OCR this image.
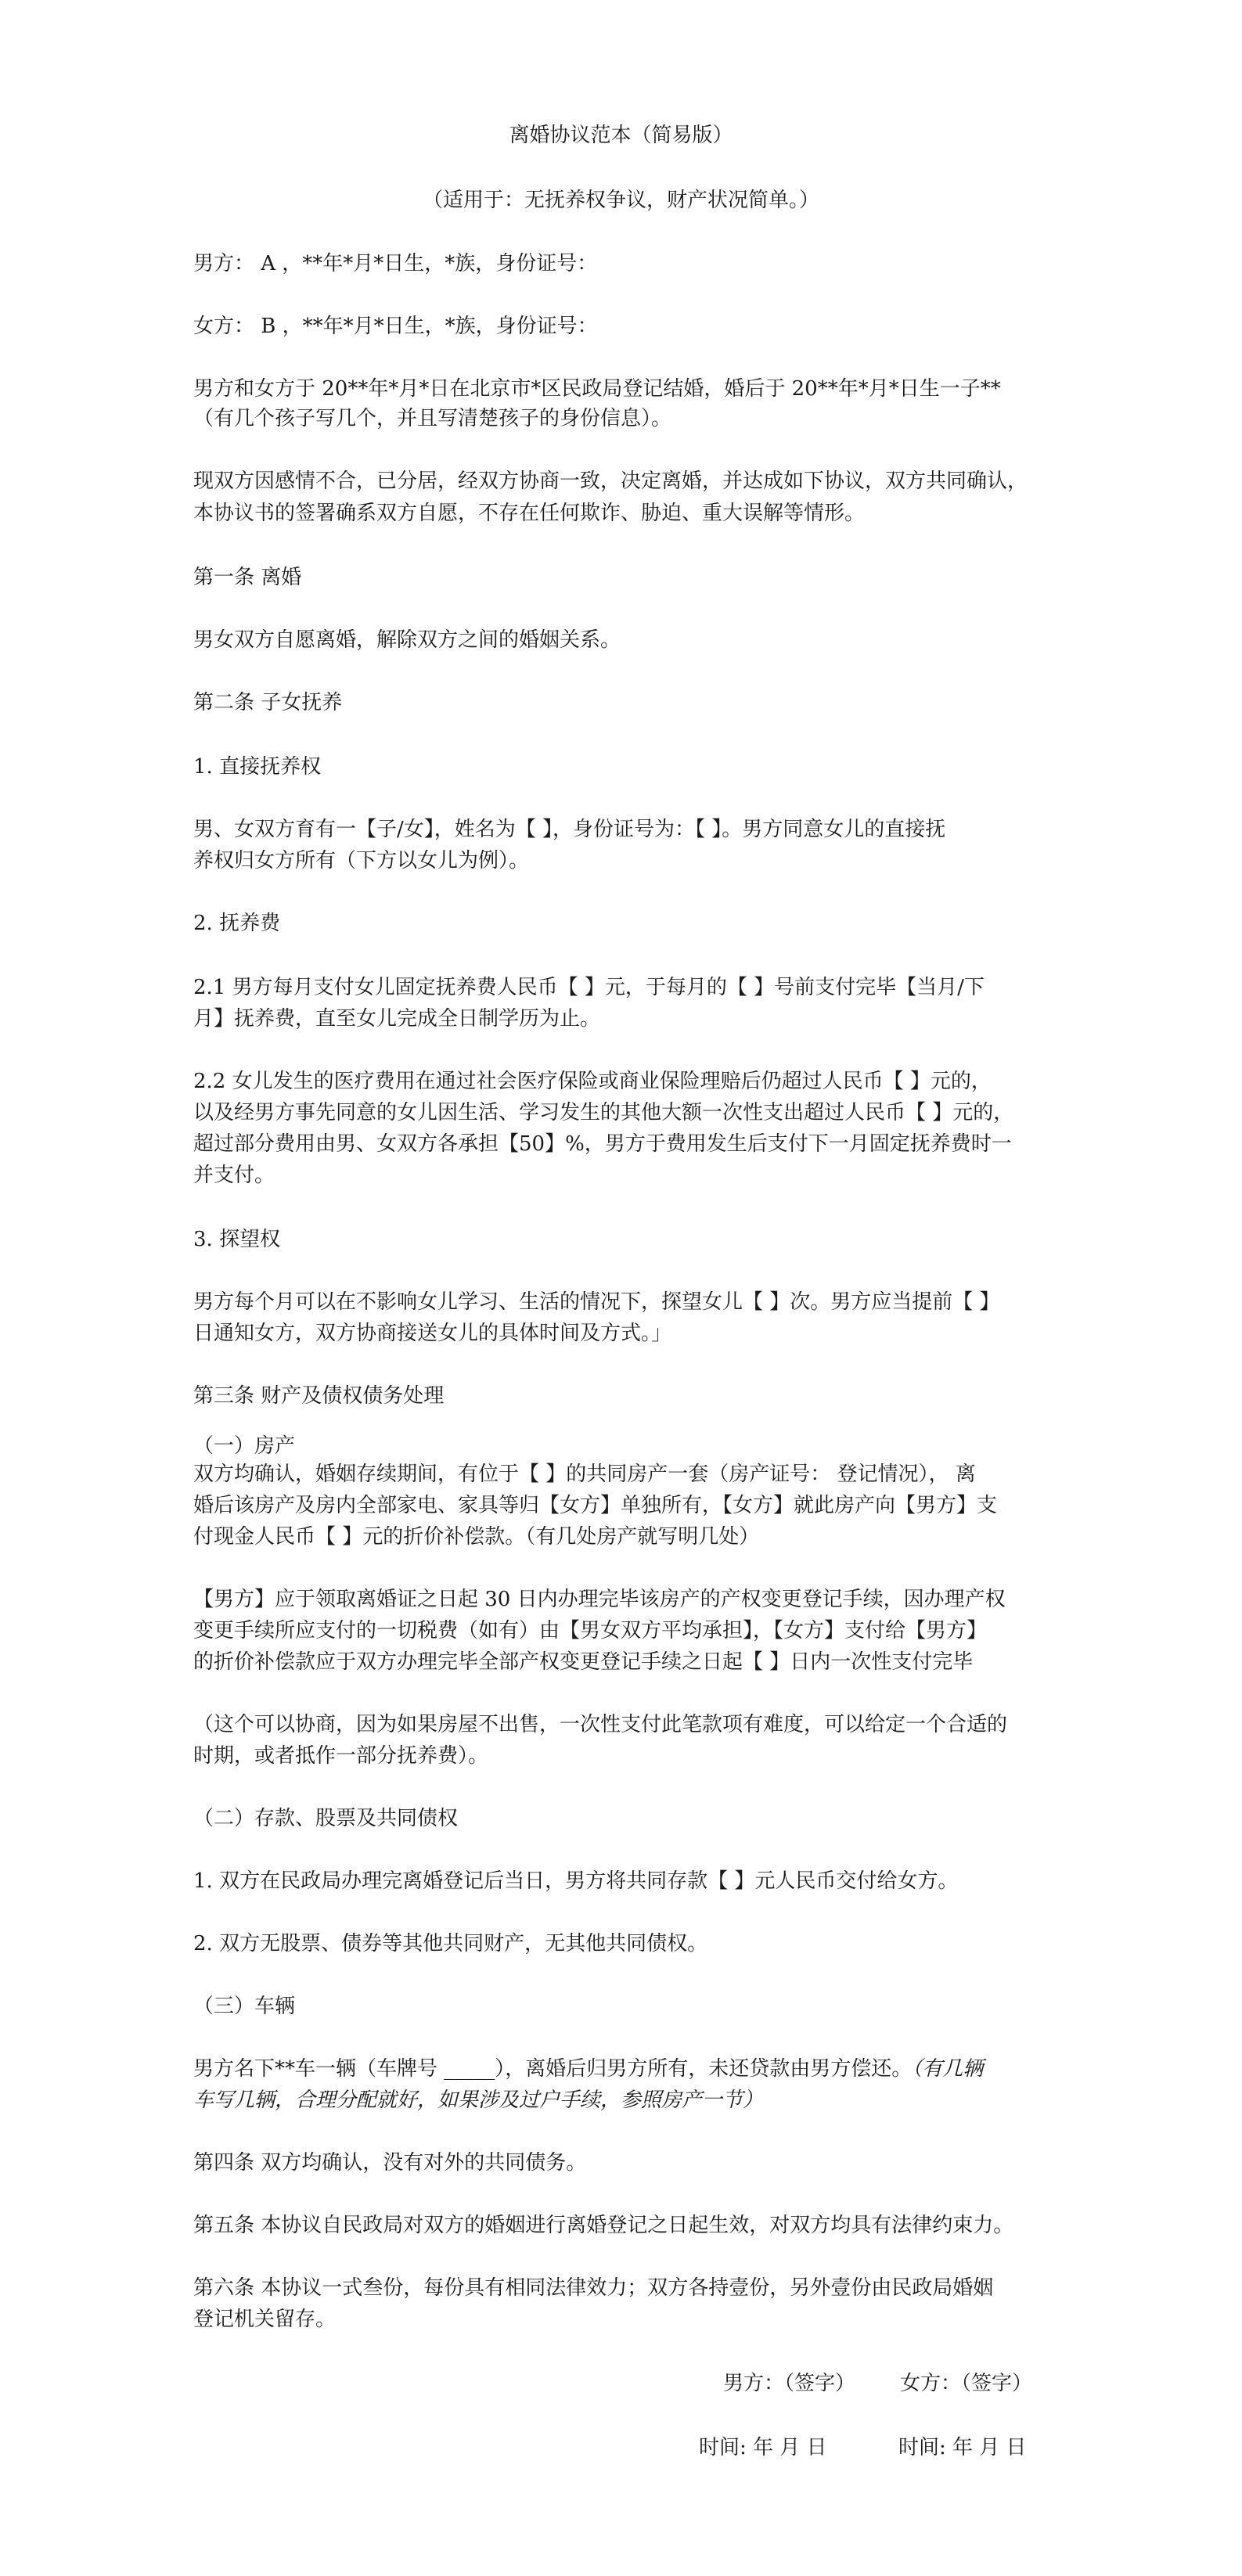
离婚协议范本（简易版）
（适用于：无抚养权争议，财产状况简单。）
男方： A ，**年*月*日生，*族，身份证号：
女方： B ，**年*月*日生，*族，身份证号：
男方和女方于 20**年*月*日在北京市*区民政局登记结婚，婚后于 20**年*月*日生一子**
（有几个孩子写几个，并且写清楚孩子的身份信息）。
现双方因感情不合，已分居，经双方协商一致，决定离婚，并达成如下协议，双方共同确认，
本协议书的签署确系双方自愿，不存在任何欺诈、胁迫、重大误解等情形。
第一条 离婚
男女双方自愿离婚，解除双方之间的婚姻关系。
第二条 子女抚养
1. 直接抚养权
男、女双方育有一【子/女】，姓名为【 】，身份证号为：【 】。男方同意女儿的直接抚
养权归女方所有（下方以女儿为例）。
2. 抚养费
2.1 男方每月支付女儿固定抚养费人民币【 】元，于每月的【 】号前支付完毕【当月/下
月】抚养费，直至女儿完成全日制学历为止。
2.2 女儿发生的医疗费用在通过社会医疗保险或商业保险理赔后仍超过人民币【 】元的，
以及经男方事先同意的女儿因生活、学习发生的其他大额一次性支出超过人民币【 】元的，
超过部分费用由男、女双方各承担【50】%，男方于费用发生后支付下一月固定抚养费时一
并支付。
3. 探望权
男方每个月可以在不影响女儿学习、生活的情况下，探望女儿【 】次。男方应当提前【 】
日通知女方，双方协商接送女儿的具体时间及方式。」
第三条 财产及债权债务处理
（一）房产
双方均确认，婚姻存续期间，有位于【 】的共同房产一套（房产证号： 登记情况）， 离
婚后该房产及房内全部家电、家具等归【女方】单独所有，【女方】就此房产向【男方】支
付现金人民币【 】元的折价补偿款。（有几处房产就写明几处）
【男方】应于领取离婚证之日起 30 日内办理完毕该房产的产权变更登记手续，因办理产权
变更手续所应支付的一切税费（如有）由【男女双方平均承担】，【女方】支付给【男方】
的折价补偿款应于双方办理完毕全部产权变更登记手续之日起【 】日内一次性支付完毕
（这个可以协商，因为如果房屋不出售，一次性支付此笔款项有难度，可以给定一个合适的
时期，或者抵作一部分抚养费）。
（二）存款、股票及共同债权
1. 双方在民政局办理完离婚登记后当日，男方将共同存款【 】元人民币交付给女方。
2. 双方无股票、债券等其他共同财产，无其他共同债权。
（三）车辆
男方名下**车一辆（车牌号 _____），离婚后归男方所有，未还贷款由男方偿还。（有几辆
车写几辆，合理分配就好，如果涉及过户手续，参照房产一节）
第四条 双方均确认，没有对外的共同债务。
第五条 本协议自民政局对双方的婚姻进行离婚登记之日起生效，对双方均具有法律约束力。
第六条 本协议一式叁份，每份具有相同法律效力；双方各持壹份，另外壹份由民政局婚姻
登记机关留存。
男方：（签字） 女方：（签字）
时间: 年 月 日	时间: 年 月 日
